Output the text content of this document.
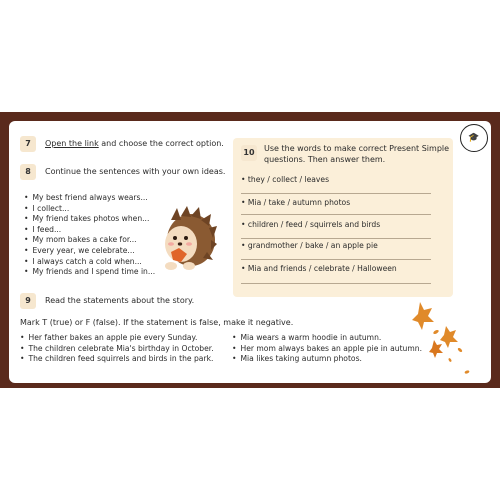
🎓
7	Open the link and choose the correct option.
8	Continue the sentences with your own ideas.
• My best friend always wears...
• I collect...
• My friend takes photos when...
• I feed...
• My mom bakes a cake for...
• Every year, we celebrate...
• I always catch a cold when...
• My friends and I spend time in...
10	Use the words to make correct Present Simple
questions. Then answer them.
• they / collect / leaves
• Mia / take / autumn photos
• children / feed / squirrels and birds
• grandmother / bake / an apple pie
• Mia and friends / celebrate / Halloween
9	Read the statements about the story.
Mark T (true) or F (false). If the statement is false, make it negative.
• Her father bakes an apple pie every Sunday.
• The children celebrate Mia's birthday in October.
• The children feed squirrels and birds in the park.
• Mia wears a warm hoodie in autumn.
• Her mom always bakes an apple pie in autumn.
• Mia likes taking autumn photos.
